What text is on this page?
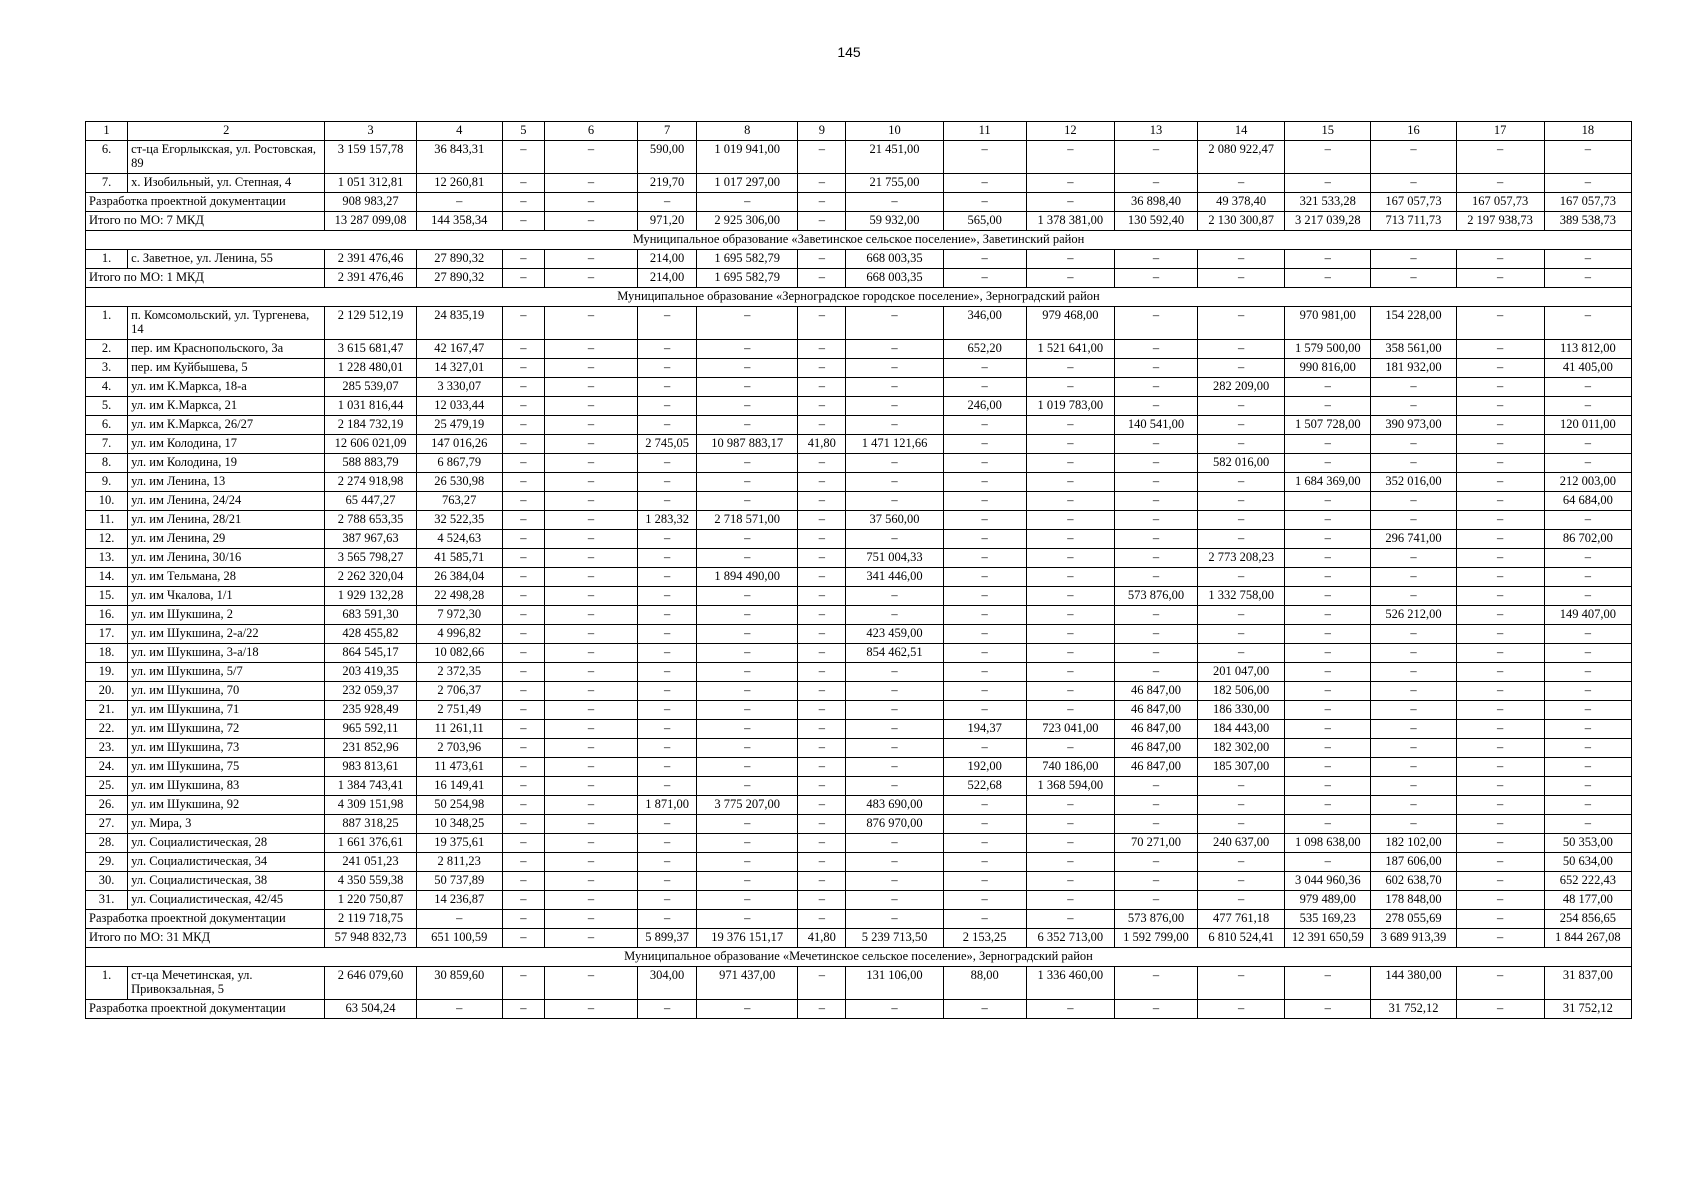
145
1	2	3	4	5	6	7	8	9	10	11	12	13	14	15	16	17	18
6.	ст-ца Егорлыкская, ул. Ростовская, 89	3 159 157,78	36 843,31	–	–	590,00	1 019 941,00	–	21 451,00	–	–	–	2 080 922,47	–	–	–	–
7.	х. Изобильный, ул. Степная, 4	1 051 312,81	12 260,81	–	–	219,70	1 017 297,00	–	21 755,00	–	–	–	–	–	–	–	–
Разработка проектной документации		908 983,27	–	–	–	–	–	–	–	–	–	36 898,40	49 378,40	321 533,28	167 057,73	167 057,73	167 057,73
Итого по МО: 7 МКД		13 287 099,08	144 358,34	–	–	971,20	2 925 306,00	–	59 932,00	565,00	1 378 381,00	130 592,40	2 130 300,87	3 217 039,28	713 711,73	2 197 938,73	389 538,73
Муниципальное образование «Заветинское сельское поселение», Заветинский район																	
1.	с. Заветное, ул. Ленина, 55	2 391 476,46	27 890,32	–	–	214,00	1 695 582,79	–	668 003,35	–	–	–	–	–	–	–	–
Итого по МО: 1 МКД		2 391 476,46	27 890,32	–	–	214,00	1 695 582,79	–	668 003,35	–	–	–	–	–	–	–	–
Муниципальное образование «Зерноградское городское поселение», Зерноградский район																	
1.	п. Комсомольский, ул. Тургенева, 14	2 129 512,19	24 835,19	–	–	–	–	–	–	346,00	979 468,00	–	–	970 981,00	154 228,00	–	–
2.	пер. им Краснопольского, 3а	3 615 681,47	42 167,47	–	–	–	–	–	–	652,20	1 521 641,00	–	–	1 579 500,00	358 561,00	–	113 812,00
3.	пер. им Куйбышева, 5	1 228 480,01	14 327,01	–	–	–	–	–	–	–	–	–	–	990 816,00	181 932,00	–	41 405,00
4.	ул. им К.Маркса, 18-а	285 539,07	3 330,07	–	–	–	–	–	–	–	–	–	282 209,00	–	–	–	–
5.	ул. им К.Маркса, 21	1 031 816,44	12 033,44	–	–	–	–	–	–	246,00	1 019 783,00	–	–	–	–	–	–
6.	ул. им К.Маркса, 26/27	2 184 732,19	25 479,19	–	–	–	–	–	–	–	–	140 541,00	–	1 507 728,00	390 973,00	–	120 011,00
7.	ул. им Колодина, 17	12 606 021,09	147 016,26	–	–	2 745,05	10 987 883,17	41,80	1 471 121,66	–	–	–	–	–	–	–	–
8.	ул. им Колодина, 19	588 883,79	6 867,79	–	–	–	–	–	–	–	–	–	582 016,00	–	–	–	–
9.	ул. им Ленина, 13	2 274 918,98	26 530,98	–	–	–	–	–	–	–	–	–	–	1 684 369,00	352 016,00	–	212 003,00
10.	ул. им Ленина, 24/24	65 447,27	763,27	–	–	–	–	–	–	–	–	–	–	–	–	–	64 684,00
11.	ул. им Ленина, 28/21	2 788 653,35	32 522,35	–	–	1 283,32	2 718 571,00	–	37 560,00	–	–	–	–	–	–	–	–
12.	ул. им Ленина, 29	387 967,63	4 524,63	–	–	–	–	–	–	–	–	–	–	–	296 741,00	–	86 702,00
13.	ул. им Ленина, 30/16	3 565 798,27	41 585,71	–	–	–	–	–	751 004,33	–	–	–	2 773 208,23	–	–	–	–
14.	ул. им Тельмана, 28	2 262 320,04	26 384,04	–	–	–	1 894 490,00	–	341 446,00	–	–	–	–	–	–	–	–
15.	ул. им Чкалова, 1/1	1 929 132,28	22 498,28	–	–	–	–	–	–	–	–	573 876,00	1 332 758,00	–	–	–	–
16.	ул. им Шукшина, 2	683 591,30	7 972,30	–	–	–	–	–	–	–	–	–	–	–	526 212,00	–	149 407,00
17.	ул. им Шукшина, 2-а/22	428 455,82	4 996,82	–	–	–	–	–	423 459,00	–	–	–	–	–	–	–	–
18.	ул. им Шукшина, 3-а/18	864 545,17	10 082,66	–	–	–	–	–	854 462,51	–	–	–	–	–	–	–	–
19.	ул. им Шукшина, 5/7	203 419,35	2 372,35	–	–	–	–	–	–	–	–	–	201 047,00	–	–	–	–
20.	ул. им Шукшина, 70	232 059,37	2 706,37	–	–	–	–	–	–	–	–	46 847,00	182 506,00	–	–	–	–
21.	ул. им Шукшина, 71	235 928,49	2 751,49	–	–	–	–	–	–	–	–	46 847,00	186 330,00	–	–	–	–
22.	ул. им Шукшина, 72	965 592,11	11 261,11	–	–	–	–	–	–	194,37	723 041,00	46 847,00	184 443,00	–	–	–	–
23.	ул. им Шукшина, 73	231 852,96	2 703,96	–	–	–	–	–	–	–	–	46 847,00	182 302,00	–	–	–	–
24.	ул. им Шукшина, 75	983 813,61	11 473,61	–	–	–	–	–	–	192,00	740 186,00	46 847,00	185 307,00	–	–	–	–
25.	ул. им Шукшина, 83	1 384 743,41	16 149,41	–	–	–	–	–	–	522,68	1 368 594,00	–	–	–	–	–	–
26.	ул. им Шукшина, 92	4 309 151,98	50 254,98	–	–	1 871,00	3 775 207,00	–	483 690,00	–	–	–	–	–	–	–	–
27.	ул. Мира, 3	887 318,25	10 348,25	–	–	–	–	–	876 970,00	–	–	–	–	–	–	–	–
28.	ул. Социалистическая, 28	1 661 376,61	19 375,61	–	–	–	–	–	–	–	–	70 271,00	240 637,00	1 098 638,00	182 102,00	–	50 353,00
29.	ул. Социалистическая, 34	241 051,23	2 811,23	–	–	–	–	–	–	–	–	–	–	–	187 606,00	–	50 634,00
30.	ул. Социалистическая, 38	4 350 559,38	50 737,89	–	–	–	–	–	–	–	–	–	–	3 044 960,36	602 638,70	–	652 222,43
31.	ул. Социалистическая, 42/45	1 220 750,87	14 236,87	–	–	–	–	–	–	–	–	–	–	979 489,00	178 848,00	–	48 177,00
Разработка проектной документации		2 119 718,75	–	–	–	–	–	–	–	–	–	573 876,00	477 761,18	535 169,23	278 055,69	–	254 856,65
Итого по МО: 31 МКД		57 948 832,73	651 100,59	–	–	5 899,37	19 376 151,17	41,80	5 239 713,50	2 153,25	6 352 713,00	1 592 799,00	6 810 524,41	12 391 650,59	3 689 913,39	–	1 844 267,08
Муниципальное образование «Мечетинское сельское поселение», Зерноградский район																	
1.	ст-ца Мечетинская, ул. Привокзальная, 5	2 646 079,60	30 859,60	–	–	304,00	971 437,00	–	131 106,00	88,00	1 336 460,00	–	–	–	144 380,00	–	31 837,00
Разработка проектной документации		63 504,24	–	–	–	–	–	–	–	–	–	–	–	–	31 752,12	–	31 752,12
